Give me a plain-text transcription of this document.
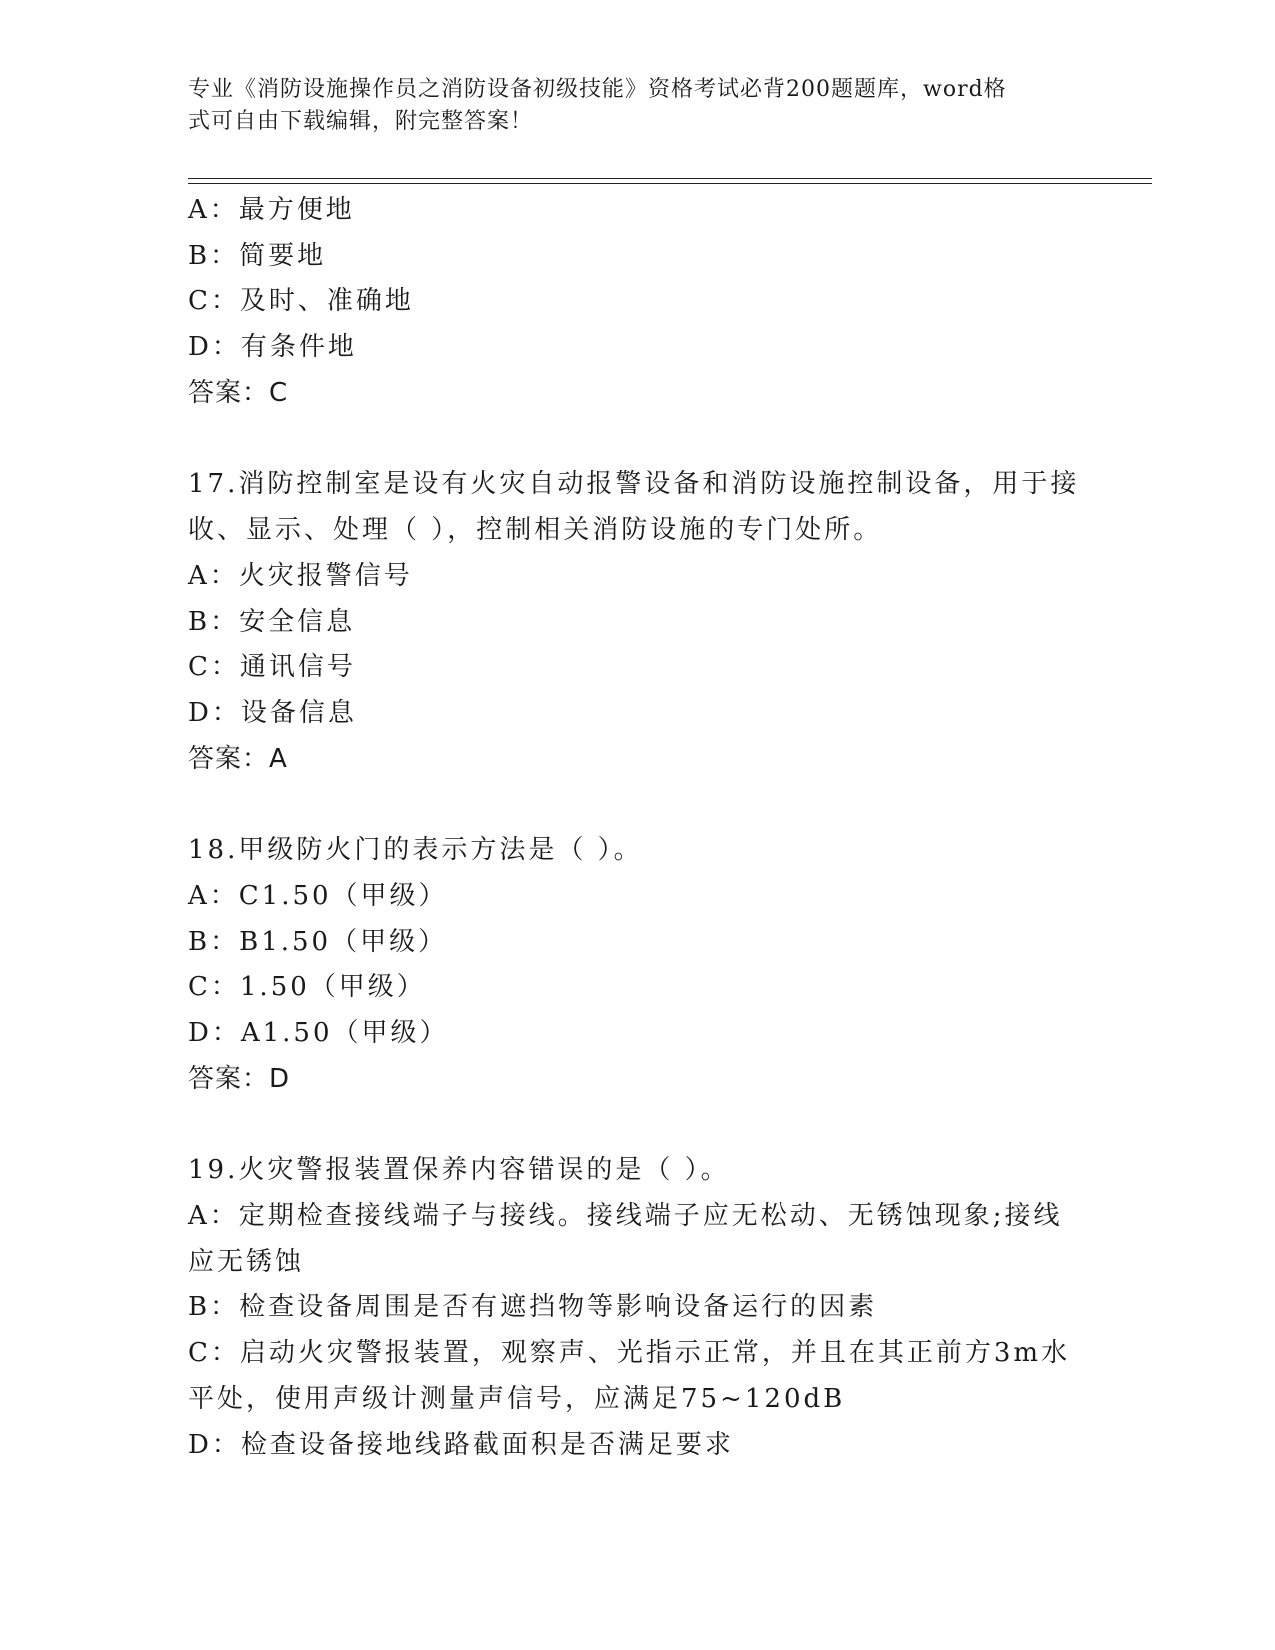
专业《消防设施操作员之消防设备初级技能》资格考试必背200题题库，word格
式可自由下载编辑，附完整答案！
A：最方便地
B：简要地
C：及时、准确地
D：有条件地
答案：C
17.消防控制室是设有火灾自动报警设备和消防设施控制设备，用于接
收、显示、处理（ ），控制相关消防设施的专门处所。
A：火灾报警信号
B：安全信息
C：通讯信号
D：设备信息
答案：A
18.甲级防火门的表示方法是（ ）。
A：C1.50（甲级）
B：B1.50（甲级）
C：1.50（甲级）
D：A1.50（甲级）
答案：D
19.火灾警报装置保养内容错误的是（ ）。
A：定期检查接线端子与接线。接线端子应无松动、无锈蚀现象;接线
应无锈蚀
B：检查设备周围是否有遮挡物等影响设备运行的因素
C：启动火灾警报装置，观察声、光指示正常，并且在其正前方3m水
平处，使用声级计测量声信号，应满足75~120dB
D：检查设备接地线路截面积是否满足要求
